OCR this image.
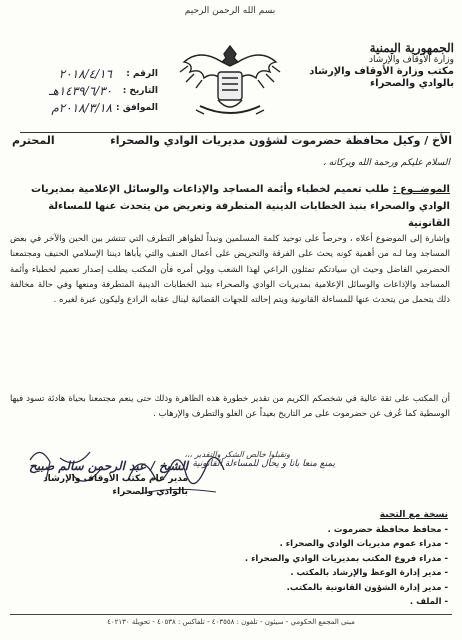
بسم الله الرحمن الرحيم
الجمهورية اليمنية
وزارة الأوقاف والإرشاد
مكتب وزارة الأوقاف والإرشاد
بالوادي والصحراء
الرقم :
٢٠١٨/٤/١٦
التاريخ :
١٤٣٩/٦/٣٠هـ
الموافق :
٢٠١٨/٣/١٨م
الأخ / وكيل محافظة حضرموت لشؤون مديريات الوادي والصحراء
المحترم
السلام عليكم ورحمة الله وبركاته ،
الموضــوع : طلب تعميم لخطباء وأئمة المساجد والإذاعات والوسائل الإعلامية بمديريات الوادي والصحراء بنبذ الخطابات الدينية المتطرفة وتعريض من يتحدث عنها للمساءلة القانونية
وإشارة إلى الموضوع أعلاه ، وحرصاً على توحيد كلمة المسلمين ونبذاً لظواهر التطرف التي تنتشر بين الحين والآخر في بعض المساجد وما لـه من أهمية كونه يحث على الفرقة والتحريض على أعمال العنف والتي يأباها ديننا الإسلامي الحنيف ومجتمعنا الحضرمي الفاضل وحيث ان سيادتكم تمثلون الراعي لهذا الشعب وولي أمره فأن المكتب يطلب إصدار تعميم لخطباء وأئمة المساجد والإذاعات والوسائل الإعلامية بمديريات الوادي والصحراء بنبذ الخطابات الدينية المتطرفة ومنعها وفي حالة مخالفة ذلك يتحمل من يتحدث عنها للمساءلة القانونية ويتم إحالته للجهات القضائية لينال عقابه الرادع وليكون عبرة لغيره .
أن المكتب على ثقة عالية في شخصكم الكريم من تقدير خطورة هذه الظاهرة وذلك حتى ينعم مجتمعنا بحياة هادئة تسود فيها الوسطية كما عُرف عن حضرموت على مر التاريخ بعيداً عن الغلو والتطرف والإرهاب .
وتقبلوا خالص الشكر والتقدير ،،،
يمنع منعا باتا و يحال للمساءلة القانونية
الشيخ / عبد الرحمن سالم صبيح
مدير عام مكتب الأوقاف والإرشاد
بالوادي والصحراء
نسخة مع التحية
- محافظ محافظة حضرموت .
- مدراء عموم مديريات الوادي والصحراء .
- مدراء فروع المكتب بمديريات الوادي والصحراء .
- مدير إدارة الوعظ والإرشاد بالمكتب .
- مدير إدارة الشؤون القانونية بالمكتب.
- الملف .
مبنى المجمع الحكومي - سيئون - تلفون : ٤٠٣٥٥٨ - تلفاكس : ٤٠٥٣٨ - تحويلة ٤٠٢١٣٠
